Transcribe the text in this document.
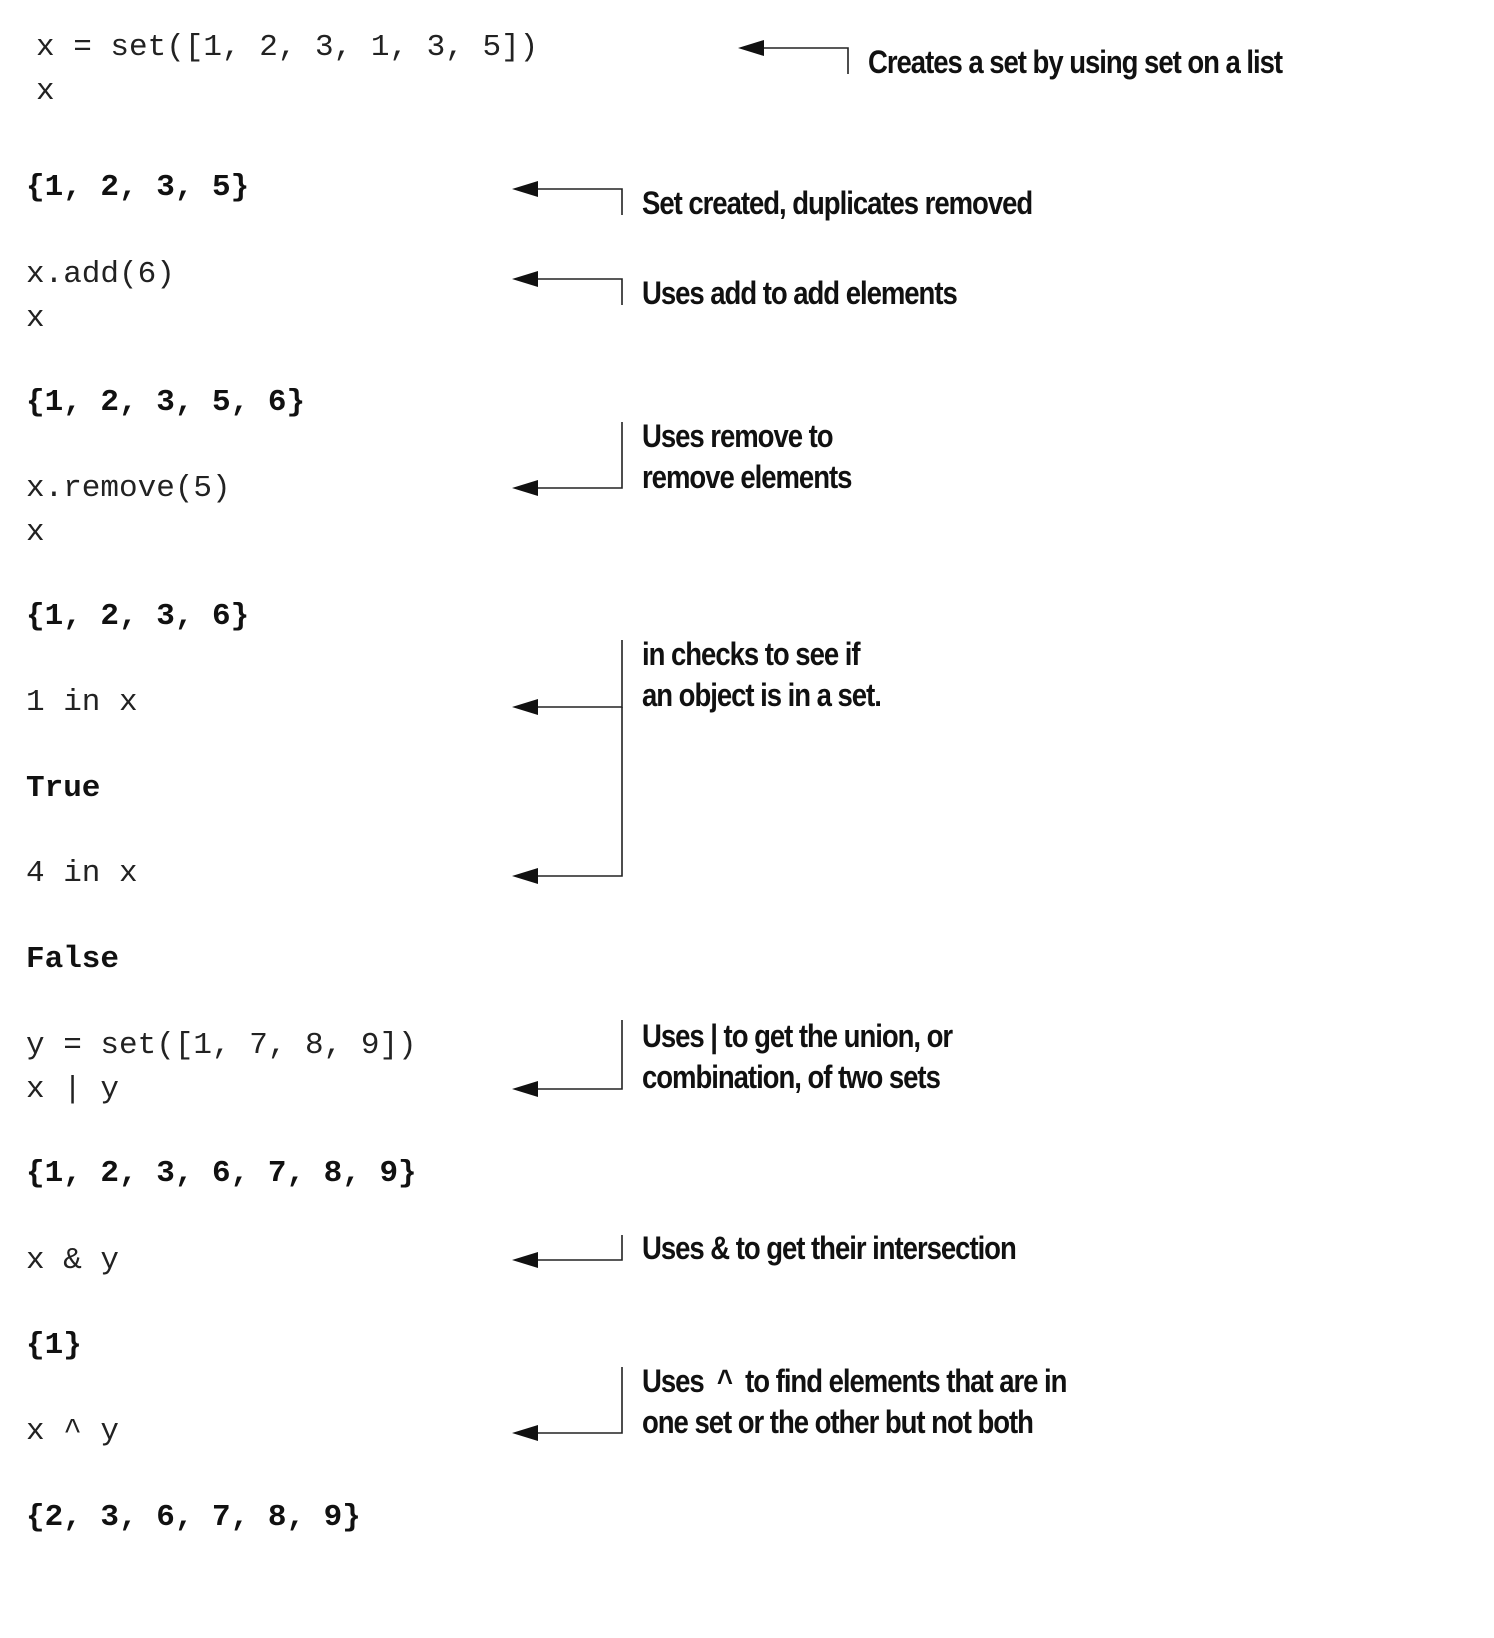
x = set([1, 2, 3, 1, 3, 5])
x
{1, 2, 3, 5}
x.add(6)
x
{1, 2, 3, 5, 6}
x.remove(5)
x
{1, 2, 3, 6}
1 in x
True
4 in x
False
y = set([1, 7, 8, 9])
x | y
{1, 2, 3, 6, 7, 8, 9}
x & y
{1}
x ^ y
{2, 3, 6, 7, 8, 9}
Creates a set by using set on a list
Set created, duplicates removed
Uses add to add elements
Uses remove to
remove elements
in checks to see if
an object is in a set.
Uses | to get the union, or
combination, of two sets
Uses & to get their intersection
Uses  ^  to find elements that are in
one set or the other but not both
